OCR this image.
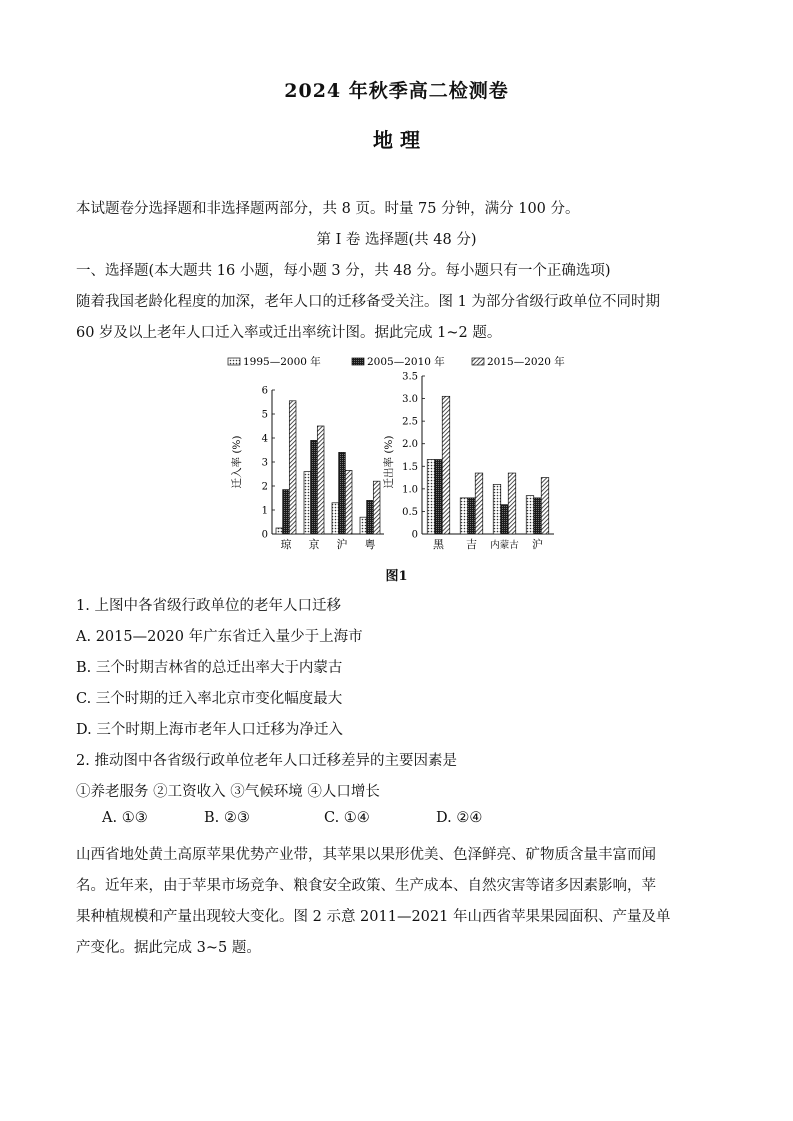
2024 年秋季高二检测卷
地 理
本试题卷分选择题和非选择题两部分，共 8 页。时量 75 分钟，满分 100 分。
第 I 卷 选择题(共 48 分)
一、选择题(本大题共 16 小题，每小题 3 分，共 48 分。每小题只有一个正确选项)
随着我国老龄化程度的加深，老年人口的迁移备受关注。图 1 为部分省级行政单位不同时期
60 岁及以上老年人口迁入率或迁出率统计图。据此完成 1~2 题。
1995—2000 年	2005—2010 年	2015—2020 年
0
1
2
3
4
5
6
迁入率 (%)
琼 京 沪 粤
0
0.5
1.0
1.5
2.0
2.5
3.0
3.5
迁出率 (%)
黑 吉 内蒙古 沪
图1
1. 上图中各省级行政单位的老年人口迁移
A. 2015—2020 年广东省迁入量少于上海市
B. 三个时期吉林省的总迁出率大于内蒙古
C. 三个时期的迁入率北京市变化幅度最大
D. 三个时期上海市老年人口迁移为净迁入
2. 推动图中各省级行政单位老年人口迁移差异的主要因素是
①养老服务 ②工资收入 ③气候环境 ④人口增长
A. ①③	B. ②③	C. ①④	D. ②④
山西省地处黄土高原苹果优势产业带，其苹果以果形优美、色泽鲜亮、矿物质含量丰富而闻
名。近年来，由于苹果市场竞争、粮食安全政策、生产成本、自然灾害等诸多因素影响，苹
果种植规模和产量出现较大变化。图 2 示意 2011—2021 年山西省苹果果园面积、产量及单
产变化。据此完成 3~5 题。
